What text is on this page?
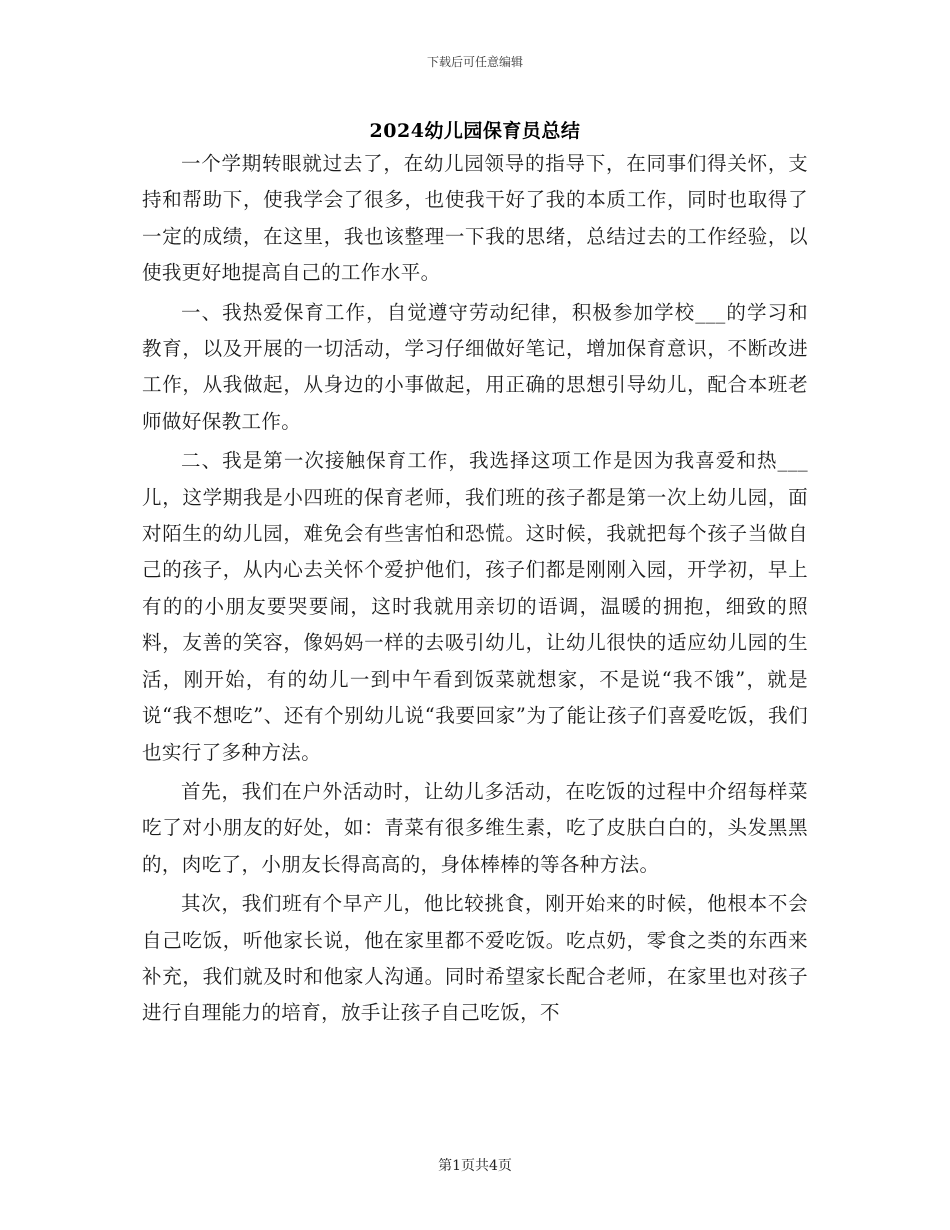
下载后可任意编辑
2024幼儿园保育员总结

一个学期转眼就过去了，在幼儿园领导的指导下，在同事们得关怀，支持和帮助下，使我学会了很多，也使我干好了我的本质工作，同时也取得了一定的成绩，在这里，我也该整理一下我的思绪，总结过去的工作经验，以使我更好地提高自己的工作水平。

一、我热爱保育工作，自觉遵守劳动纪律，积极参加学校___的学习和教育，以及开展的一切活动，学习仔细做好笔记，增加保育意识，不断改进工作，从我做起，从身边的小事做起，用正确的思想引导幼儿，配合本班老师做好保教工作。

二、我是第一次接触保育工作，我选择这项工作是因为我喜爱和热___儿，这学期我是小四班的保育老师，我们班的孩子都是第一次上幼儿园，面对陌生的幼儿园，难免会有些害怕和恐慌。这时候，我就把每个孩子当做自己的孩子，从内心去关怀个爱护他们，孩子们都是刚刚入园，开学初，早上有的的小朋友要哭要闹，这时我就用亲切的语调，温暖的拥抱，细致的照料，友善的笑容，像妈妈一样的去吸引幼儿，让幼儿很快的适应幼儿园的生活，刚开始，有的幼儿一到中午看到饭菜就想家，不是说“我不饿”，就是说“我不想吃”、还有个别幼儿说“我要回家”为了能让孩子们喜爱吃饭，我们也实行了多种方法。

首先，我们在户外活动时，让幼儿多活动，在吃饭的过程中介绍每样菜吃了对小朋友的好处，如：青菜有很多维生素，吃了皮肤白白的，头发黑黑的，肉吃了，小朋友长得高高的，身体棒棒的等各种方法。

其次，我们班有个早产儿，他比较挑食，刚开始来的时候，他根本不会自己吃饭，听他家长说，他在家里都不爱吃饭。吃点奶，零食之类的东西来补充，我们就及时和他家人沟通。同时希望家长配合老师，在家里也对孩子进行自理能力的培育，放手让孩子自己吃饭，不

第1页共4页
